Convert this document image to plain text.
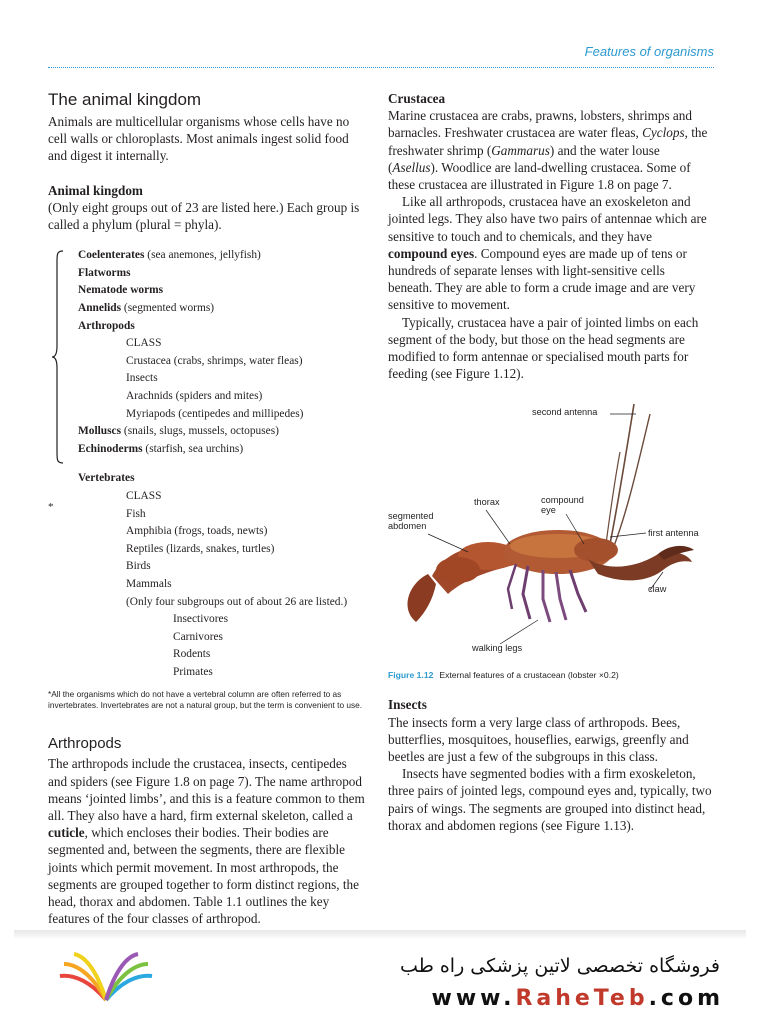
Features of organisms
The animal kingdom

Animals are multicellular organisms whose cells have no cell walls or chloroplasts. Most animals ingest solid food and digest it internally.

Animal kingdom

(Only eight groups out of 23 are listed here.) Each group is called a phylum (plural = phyla).

*
Coelenterates (sea anemones, jellyfish)
Flatworms
Nematode worms
Annelids (segmented worms)
Arthropods
CLASS
Crustacea (crabs, shrimps, water fleas)
Insects
Arachnids (spiders and mites)
Myriapods (centipedes and millipedes)
Molluscs (snails, slugs, mussels, octopuses)
Echinoderms (starfish, sea urchins)
Vertebrates
CLASS
Fish
Amphibia (frogs, toads, newts)
Reptiles (lizards, snakes, turtles)
Birds
Mammals
(Only four subgroups out of about 26 are listed.)
Insectivores
Carnivores
Rodents
Primates

*All the organisms which do not have a vertebral column are often referred to as invertebrates. Invertebrates are not a natural group, but the term is convenient to use.

Arthropods

The arthropods include the crustacea, insects, centipedes and spiders (see Figure 1.8 on page 7). The name arthropod means ‘jointed limbs’, and this is a feature common to them all. They also have a hard, firm external skeleton, called a cuticle, which encloses their bodies. Their bodies are segmented and, between the segments, there are flexible joints which permit movement. In most arthropods, the segments are grouped together to form distinct regions, the head, thorax and abdomen. Table 1.1 outlines the key features of the four classes of arthropod.

Crustacea

Marine crustacea are crabs, prawns, lobsters, shrimps and barnacles. Freshwater crustacea are water fleas, Cyclops, the freshwater shrimp (Gammarus) and the water louse (Asellus). Woodlice are land-dwelling crustacea. Some of these crustacea are illustrated in Figure 1.8 on page 7.

Like all arthropods, crustacea have an exoskeleton and jointed legs. They also have two pairs of antennae which are sensitive to touch and to chemicals, and they have compound eyes. Compound eyes are made up of tens or hundreds of separate lenses with light-sensitive cells beneath. They are able to form a crude image and are very sensitive to movement.

Typically, crustacea have a pair of jointed limbs on each segment of the body, but those on the head segments are modified to form antennae or specialised mouth parts for feeding (see Figure 1.12).

second antenna
thorax	compound eye
segmented abdomen
first antenna
claw
walking legs
Figure 1.12 External features of a crustacean (lobster ×0.2)

Insects

The insects form a very large class of arthropods. Bees, butterflies, mosquitoes, houseflies, earwigs, greenfly and beetles are just a few of the subgroups in this class.

Insects have segmented bodies with a firm exoskeleton, three pairs of jointed legs, compound eyes and, typically, two pairs of wings. The segments are grouped into distinct head, thorax and abdomen regions (see Figure 1.13).

فروشگاه تخصصی لاتین پزشکی راه طب
www.RaheTeb.com
